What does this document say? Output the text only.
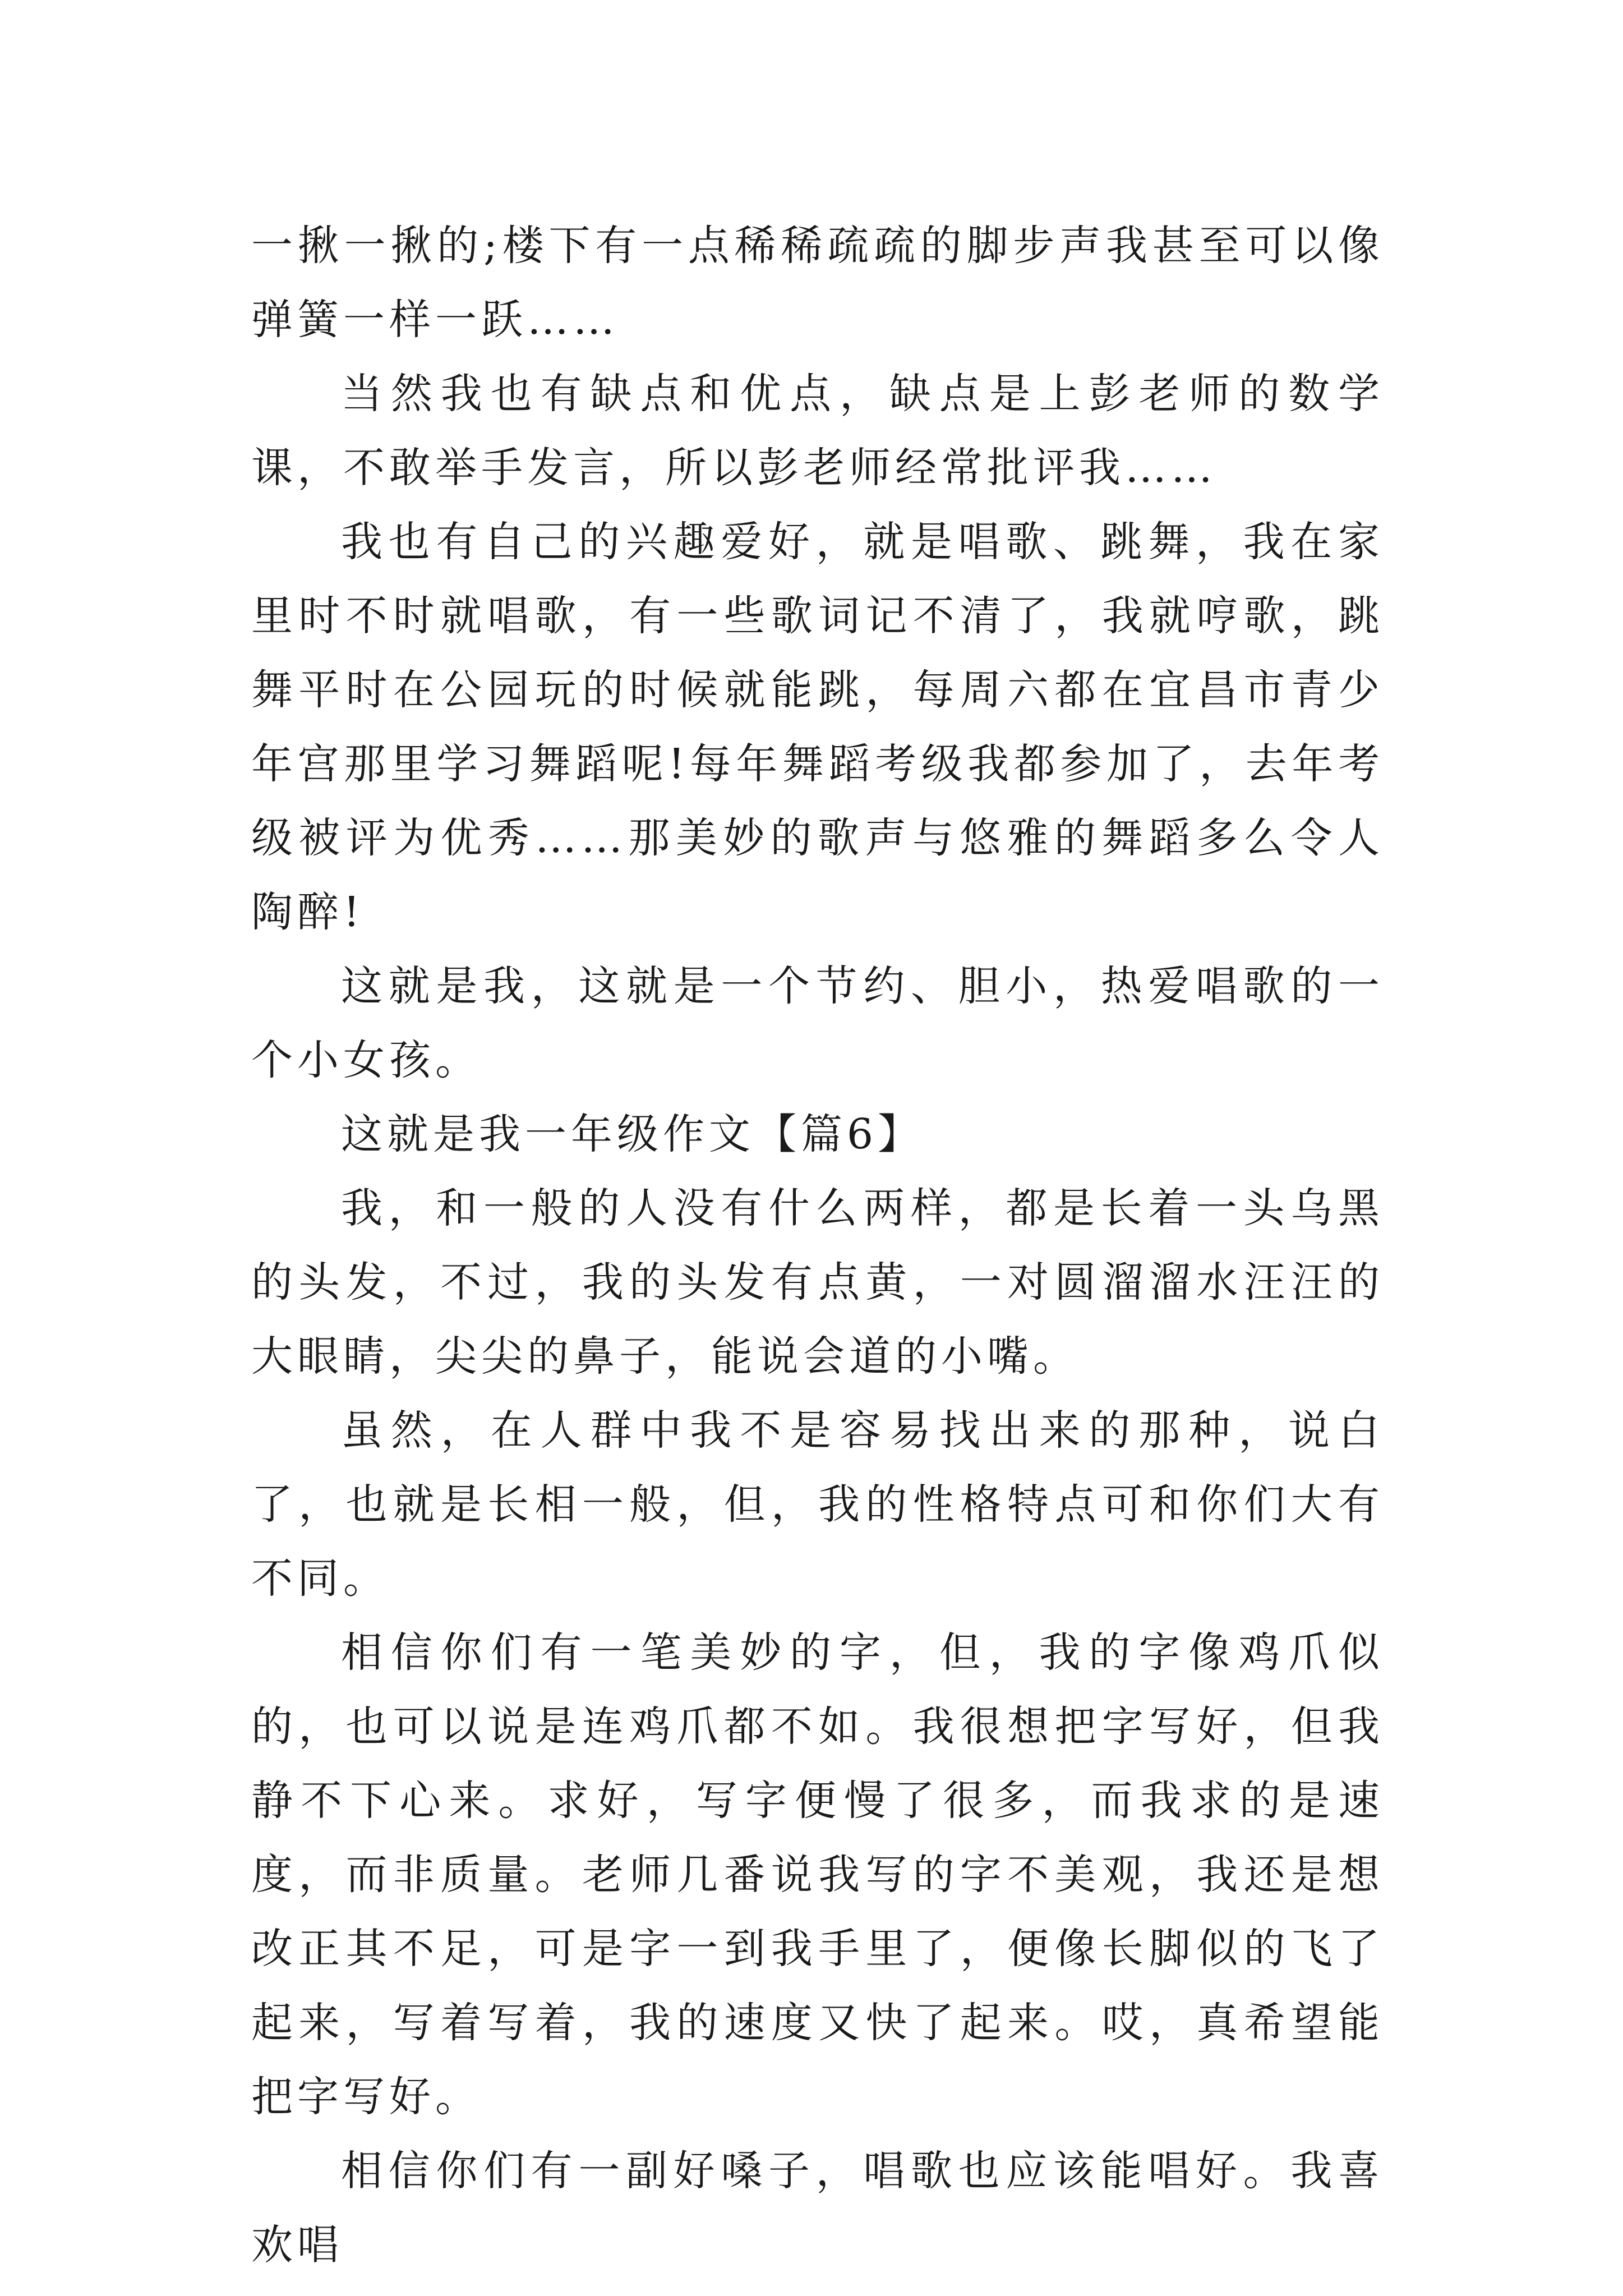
一揪一揪的;楼下有一点稀稀疏疏的脚步声我甚至可以像弹簧一样一跃……

当然我也有缺点和优点，缺点是上彭老师的数学课，不敢举手发言，所以彭老师经常批评我……

我也有自己的兴趣爱好，就是唱歌、跳舞，我在家里时不时就唱歌，有一些歌词记不清了，我就哼歌，跳舞平时在公园玩的时候就能跳，每周六都在宜昌市青少年宫那里学习舞蹈呢!每年舞蹈考级我都参加了，去年考级被评为优秀……那美妙的歌声与悠雅的舞蹈多么令人陶醉!

这就是我，这就是一个节约、胆小，热爱唱歌的一个小女孩。

这就是我一年级作文【篇6】

我，和一般的人没有什么两样，都是长着一头乌黑的头发，不过，我的头发有点黄，一对圆溜溜水汪汪的大眼睛，尖尖的鼻子，能说会道的小嘴。

虽然，在人群中我不是容易找出来的那种，说白了，也就是长相一般，但，我的性格特点可和你们大有不同。

相信你们有一笔美妙的字，但，我的字像鸡爪似的，也可以说是连鸡爪都不如。我很想把字写好，但我静不下心来。求好，写字便慢了很多，而我求的是速度，而非质量。老师几番说我写的字不美观，我还是想改正其不足，可是字一到我手里了，便像长脚似的飞了起来，写着写着，我的速度又快了起来。哎，真希望能把字写好。

相信你们有一副好嗓子，唱歌也应该能唱好。我喜欢唱
